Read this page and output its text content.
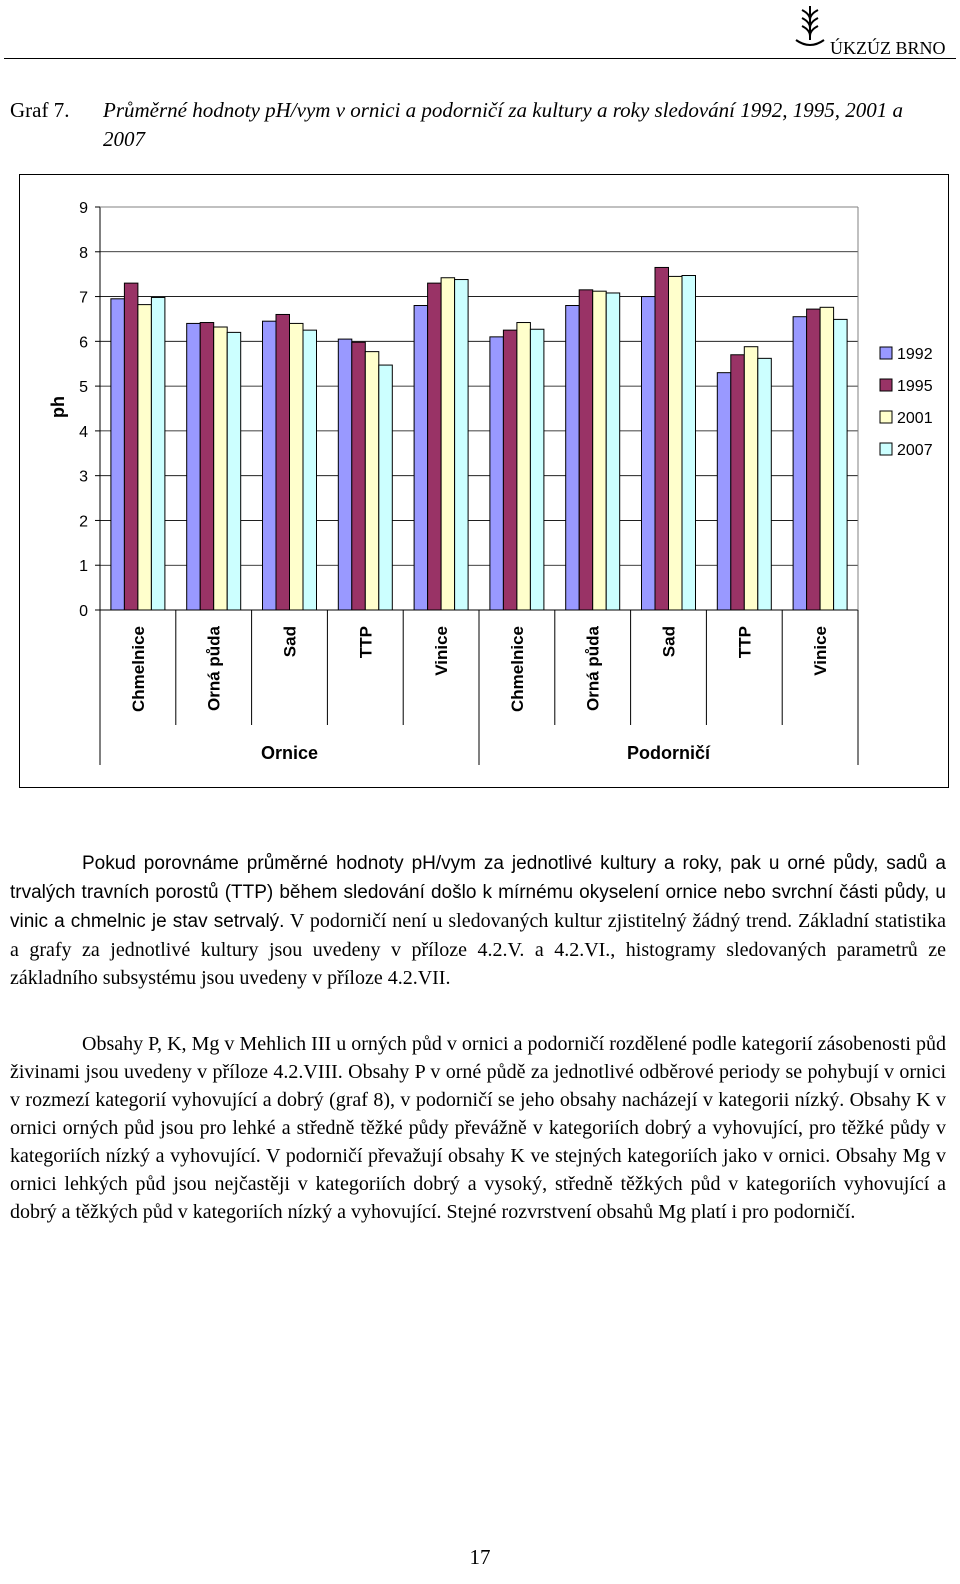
ÚKZÚZ BRNO
Graf 7. Průměrné hodnoty pH/vym v ornici a podorničí za kultury a roky sledování 1992, 1995, 2001 a 2007
0
1
2
3
4
5
6
7
8
9
Chmelnice	Orná půda	Sad	TTP	Vinice	Chmelnice	Orná půda	Sad	TTP	Vinice
Ornice	Podorničí
ph
1992
1995
2001
2007
Pokud porovnáme průměrné hodnoty pH/vym za jednotlivé kultury a roky, pak u orné půdy, sadů a trvalých travních porostů (TTP) během sledování došlo k mírnému okyselení ornice nebo svrchní části půdy, u vinic a chmelnic je stav setrvalý. V podorničí není u sledovaných kultur zjistitelný žádný trend. Základní statistika a grafy za jednotlivé kultury jsou uvedeny v příloze 4.2.V. a 4.2.VI., histogramy sledovaných parametrů ze základního subsystému jsou uvedeny v příloze 4.2.VII.
Obsahy P, K, Mg v Mehlich III u orných půd v ornici a podorničí rozdělené podle kategorií zásobenosti půd živinami jsou uvedeny v příloze 4.2.VIII. Obsahy P v orné půdě za jednotlivé odběrové periody se pohybují v ornici v rozmezí kategorií vyhovující a dobrý (graf 8), v podorničí se jeho obsahy nacházejí v kategorii nízký. Obsahy K v ornici orných půd jsou pro lehké a středně těžké půdy převážně v kategoriích dobrý a vyhovující, pro těžké půdy v kategoriích nízký a vyhovující. V podorničí převažují obsahy K ve stejných kategoriích jako v ornici. Obsahy Mg v ornici lehkých půd jsou nejčastěji v kategoriích dobrý a vysoký, středně těžkých půd v kategoriích vyhovující a dobrý a těžkých půd v kategoriích nízký a vyhovující. Stejné rozvrstvení obsahů Mg platí i pro podorničí.
17
